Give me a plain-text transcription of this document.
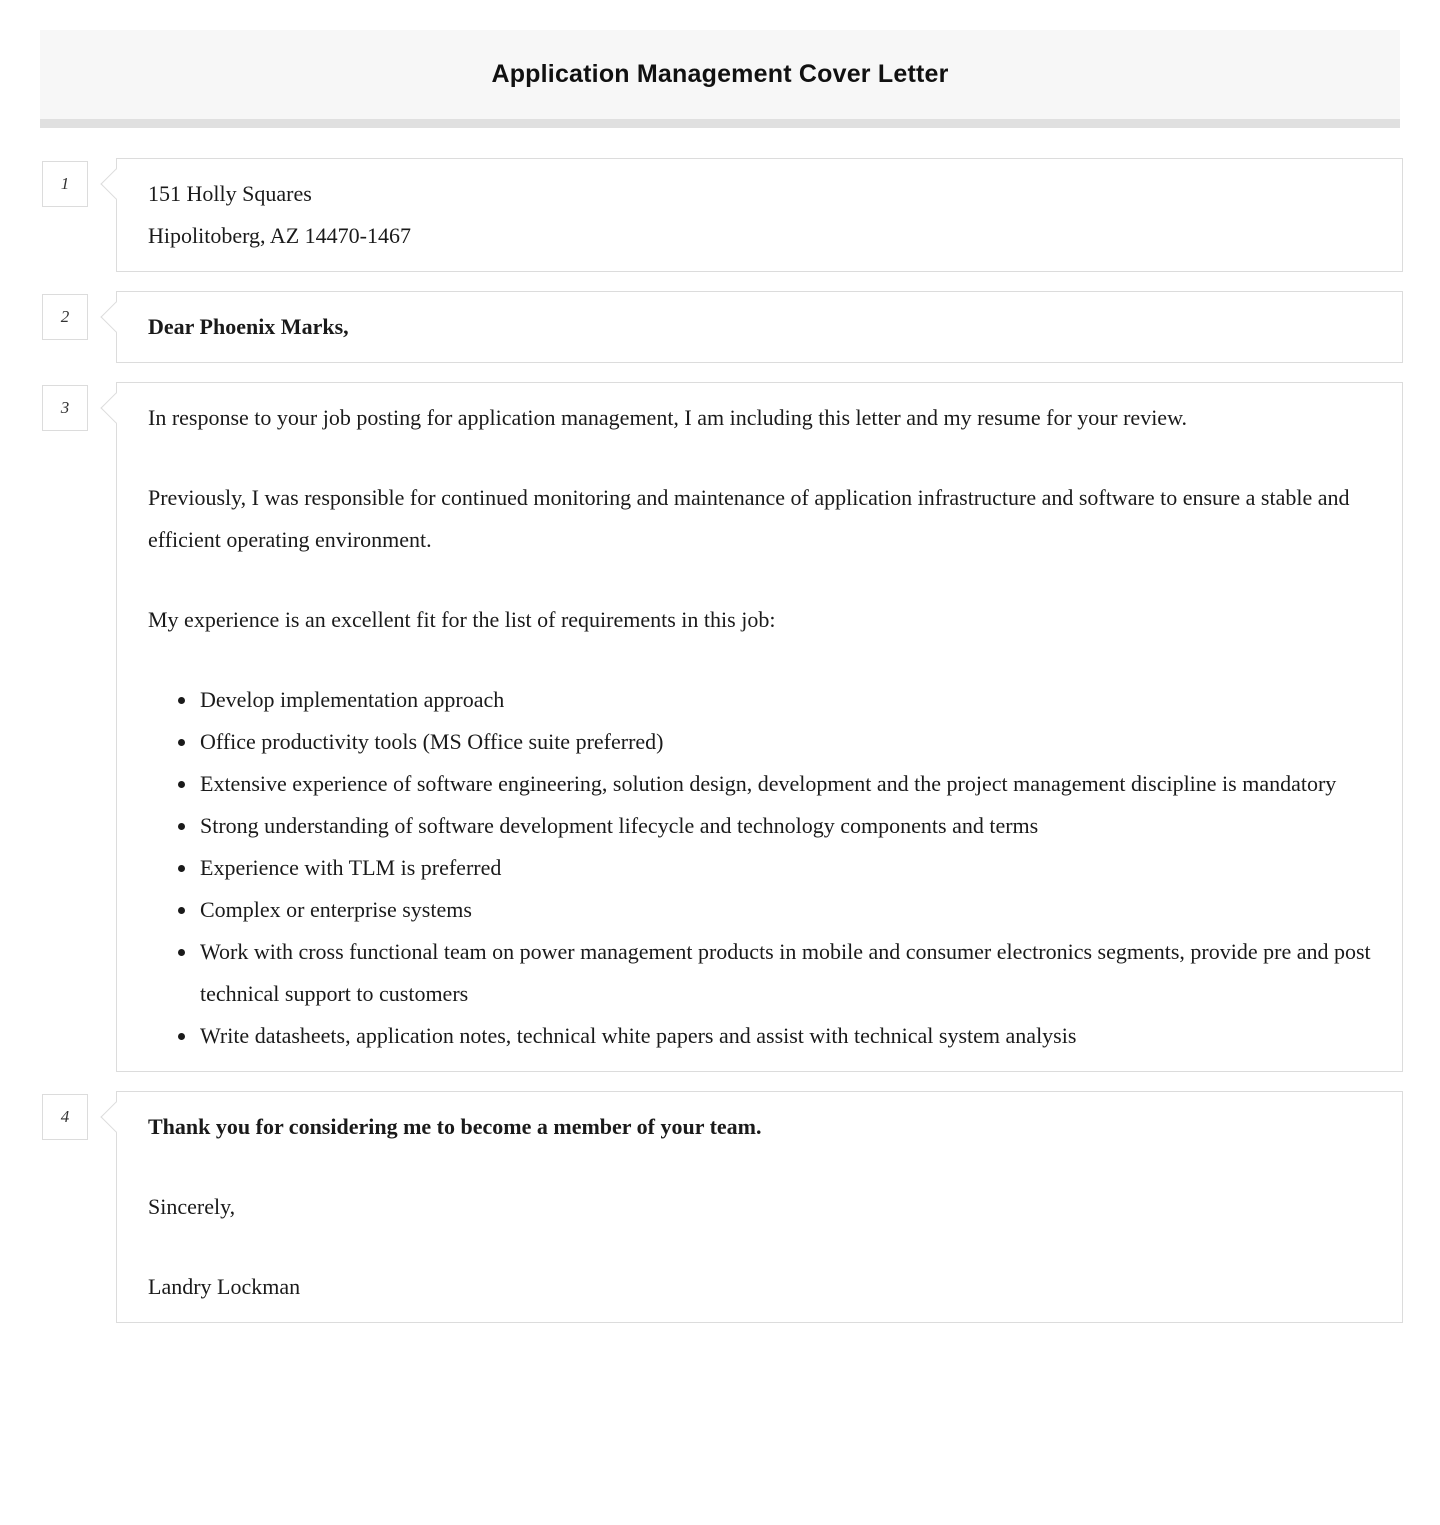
Application Management Cover Letter
1	151 Holly Squares
Hipolitoberg, AZ 14470-1467
2	Dear Phoenix Marks,
3	In response to your job posting for application management, I am including this letter and my resume for your review.

Previously, I was responsible for continued monitoring and maintenance of application infrastructure and software to ensure a stable and efficient operating environment.

My experience is an excellent fit for the list of requirements in this job:

• Develop implementation approach
• Office productivity tools (MS Office suite preferred)
• Extensive experience of software engineering, solution design, development and the project management discipline is mandatory
• Strong understanding of software development lifecycle and technology components and terms
• Experience with TLM is preferred
• Complex or enterprise systems
• Work with cross functional team on power management products in mobile and consumer electronics segments, provide pre and post technical support to customers
• Write datasheets, application notes, technical white papers and assist with technical system analysis
4	Thank you for considering me to become a member of your team.

Sincerely,

Landry Lockman
